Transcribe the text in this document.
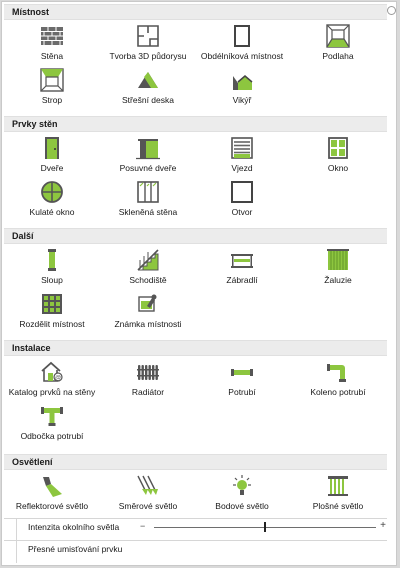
Místnost
Stěna	Tvorba 3D půdorysu	Obdélníková místnost	Podlaha
Strop	Střešní deska	Vikýř
Prvky stěn
Dveře	Posuvné dveře	Vjezd	Okno
Kulaté okno	Skleněná stěna	Otvor
Další
Sloup	Schodiště	Zábradlí	Žaluzie
Rozdělit místnost	Známka místnosti
Instalace
@
Katalog prvků na stěny	Radiátor	Potrubí	Koleno potrubí
Odbočka potrubí
Osvětlení
Reflektorové světlo	Směrové světlo	Bodové světlo	Plošné světlo
Intenzita okolního světla −	+
Přesné umisťování prvku
